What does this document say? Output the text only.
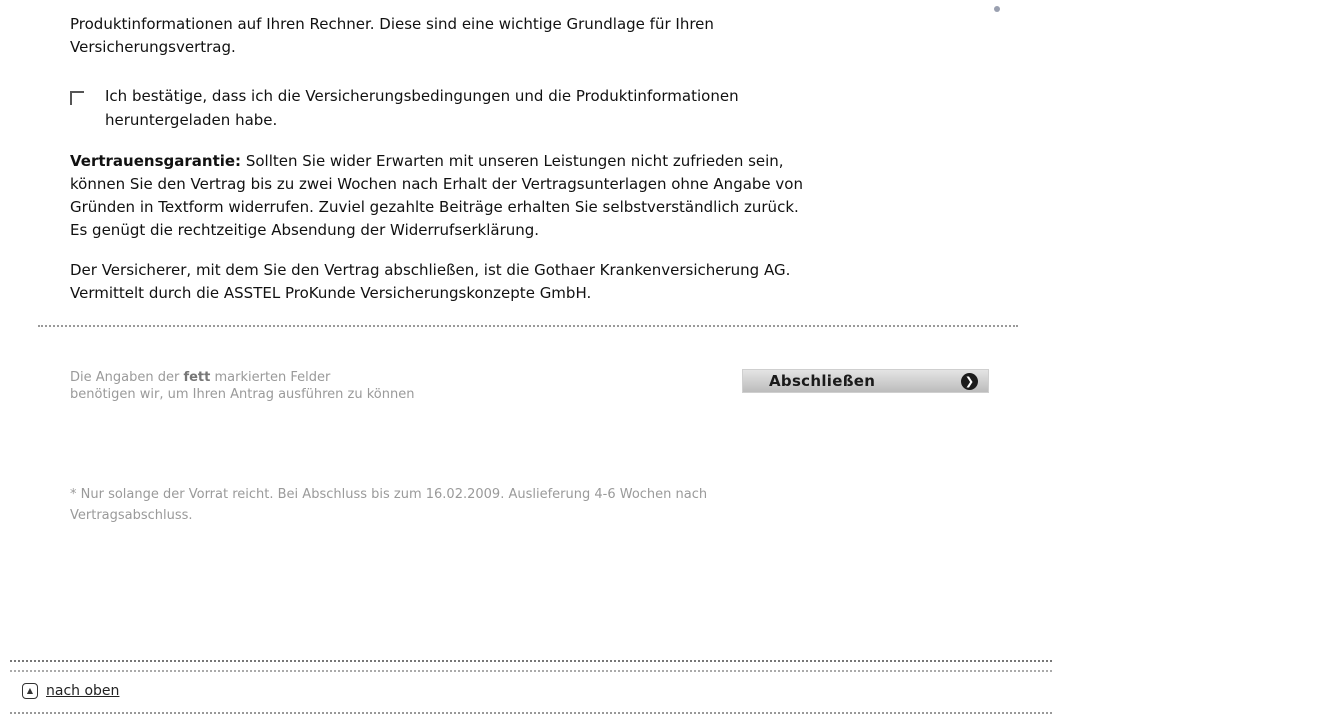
Produktinformationen auf Ihren Rechner. Diese sind eine wichtige Grundlage für Ihren
Versicherungsvertrag.

Ich bestätige, dass ich die Versicherungsbedingungen und die Produktinformationen
heruntergeladen habe.

Vertrauensgarantie: Sollten Sie wider Erwarten mit unseren Leistungen nicht zufrieden sein,
können Sie den Vertrag bis zu zwei Wochen nach Erhalt der Vertragsunterlagen ohne Angabe von
Gründen in Textform widerrufen. Zuviel gezahlte Beiträge erhalten Sie selbstverständlich zurück.
Es genügt die rechtzeitige Absendung der Widerrufserklärung.

Der Versicherer, mit dem Sie den Vertrag abschließen, ist die Gothaer Krankenversicherung AG.
Vermittelt durch die ASSTEL ProKunde Versicherungskonzepte GmbH.

Die Angaben der fett markierten Felder
benötigen wir, um Ihren Antrag ausführen zu können
Abschließen	❯
* Nur solange der Vorrat reicht. Bei Abschluss bis zum 16.02.2009. Auslieferung 4-6 Wochen nach
Vertragsabschluss.
▲ nach oben
